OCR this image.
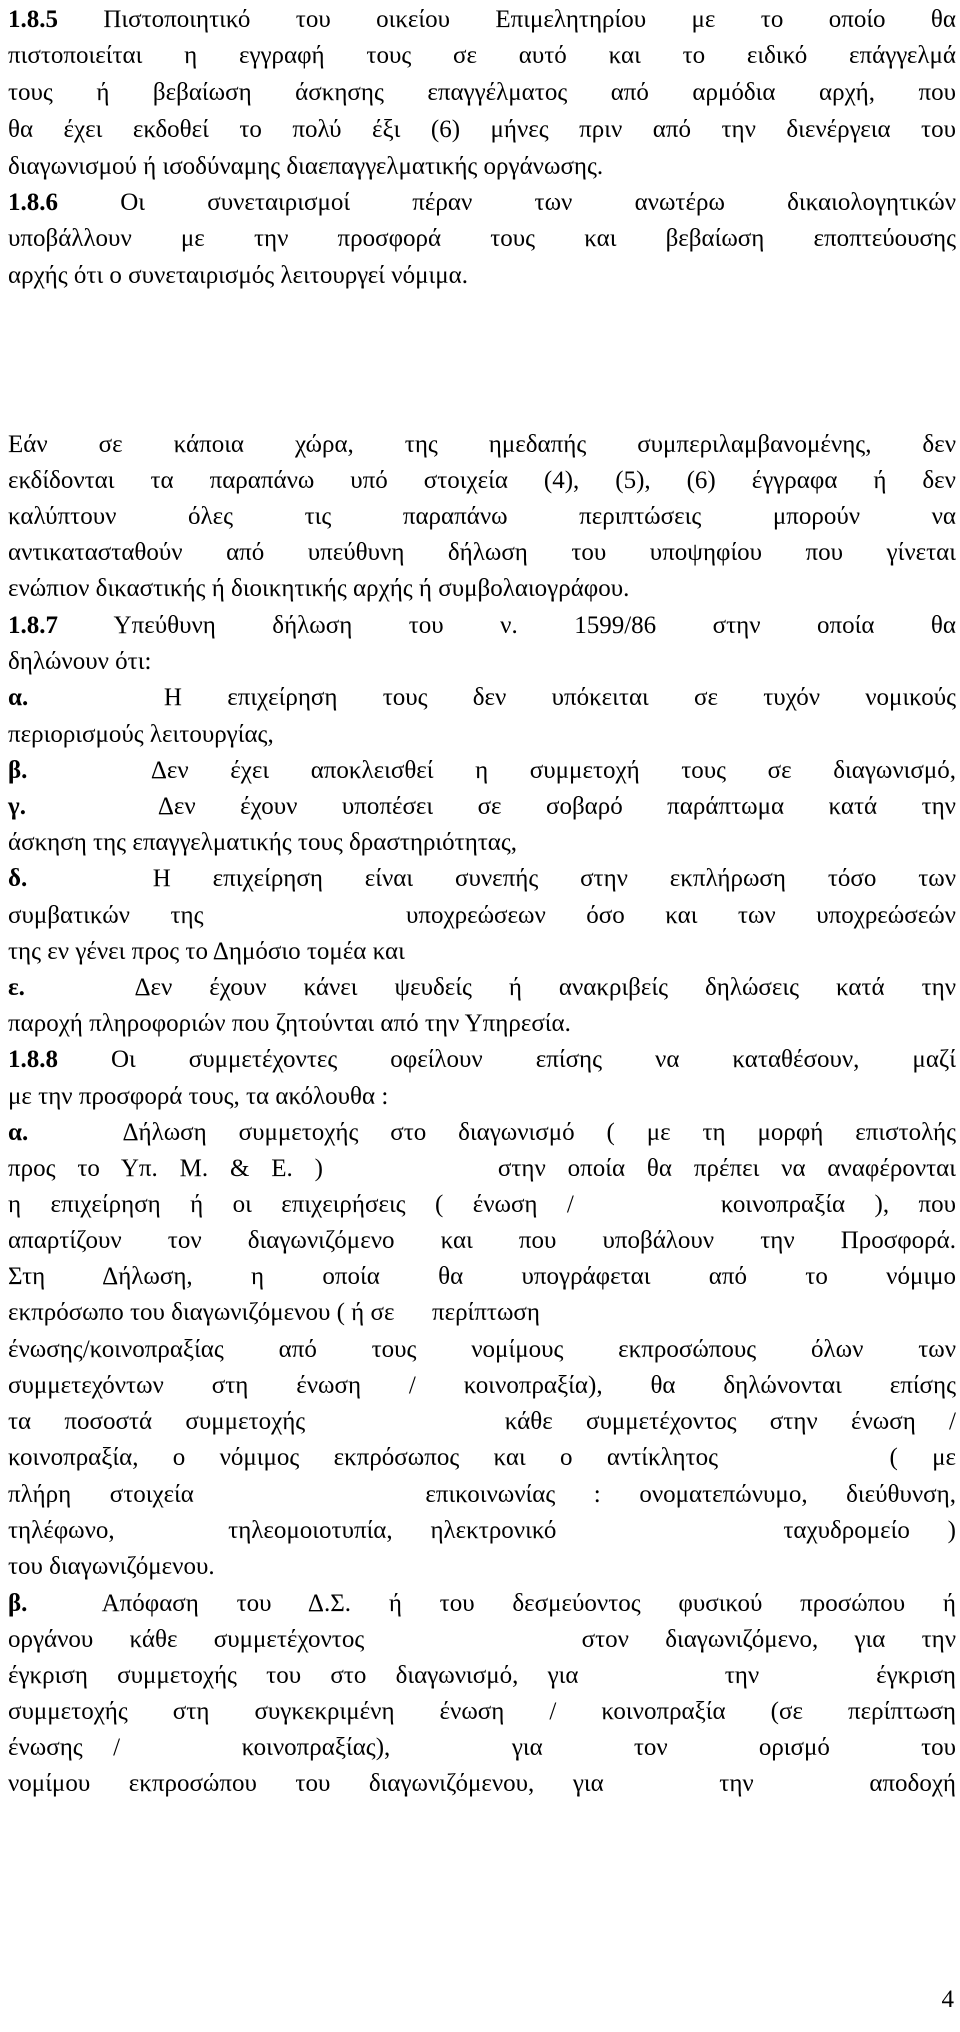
1.8.5 Πιστοποιητικό του οικείου Επιμελητηρίου με το οποίο θα
πιστοποιείται η εγγραφή τους σε αυτό και το ειδικό επάγγελμά
τους ή βεβαίωση άσκησης επαγγέλματος από αρμόδια αρχή, που
θα έχει εκδοθεί το πολύ έξι (6) μήνες πριν από την διενέργεια του
διαγωνισμού ή ισοδύναμης διαεπαγγελματικής οργάνωσης.
1.8.6 Οι συνεταιρισμοί πέραν των ανωτέρω δικαιολογητικών
υποβάλλουν με την προσφορά τους και βεβαίωση εποπτεύουσης
αρχής ότι ο συνεταιρισμός λειτουργεί νόμιμα.
Εάν σε κάποια χώρα, της ημεδαπής συμπεριλαμβανομένης, δεν
εκδίδονται τα παραπάνω υπό στοιχεία (4), (5), (6) έγγραφα ή δεν
καλύπτουν όλες τις παραπάνω περιπτώσεις μπορούν να
αντικατασταθούν από υπεύθυνη δήλωση του υποψηφίου που γίνεται
ενώπιον δικαστικής ή διοικητικής αρχής ή συμβολαιογράφου.
1.8.7 Υπεύθυνη δήλωση του ν. 1599/86 στην οποία θα
δηλώνουν ότι:
α.   Η επιχείρηση τους δεν υπόκειται σε τυχόν νομικούς
περιορισμούς λειτουργίας,
β.   Δεν έχει αποκλεισθεί η συμμετοχή τους σε διαγωνισμό,
γ.   Δεν έχουν υποπέσει σε σοβαρό παράπτωμα κατά την
άσκηση της επαγγελματικής τους δραστηριότητας,
δ.   Η επιχείρηση είναι συνεπής στην εκπλήρωση τόσο των
συμβατικών της     υποχρεώσεων όσο και των υποχρεώσεών
της εν γένει προς το Δημόσιο τομέα και
ε.   Δεν έχουν κάνει ψευδείς ή ανακριβείς δηλώσεις κατά την
παροχή πληροφοριών που ζητούνται από την Υπηρεσία.
1.8.8 Οι συμμετέχοντες οφείλουν επίσης να καταθέσουν, μαζί
με την προσφορά τους, τα ακόλουθα :
α.   Δήλωση συμμετοχής στο διαγωνισμό ( με τη μορφή επιστολής
προς το Υπ. Μ. & Ε. )        στην οποία θα πρέπει να αναφέρονται
η επιχείρηση ή οι επιχειρήσεις ( ένωση /     κοινοπραξία ), που
απαρτίζουν τον διαγωνιζόμενο και που υποβάλουν την Προσφορά.
Στη Δήλωση, η οποία θα υπογράφεται από το νόμιμο
εκπρόσωπο του διαγωνιζόμενου ( ή σε      περίπτωση
ένωσης/κοινοπραξίας από τους νομίμους εκπροσώπους όλων των
συμμετεχόντων στη ένωση / κοινοπραξία), θα δηλώνονται επίσης
τα ποσοστά συμμετοχής      κάθε συμμετέχοντος στην ένωση /
κοινοπραξία, ο νόμιμος εκπρόσωπος και ο αντίκλητος     ( με
πλήρη στοιχεία      επικοινωνίας : ονοματεπώνυμο, διεύθυνση,
τηλέφωνο,   τηλεομοιοτυπία, ηλεκτρονικό      ταχυδρομείο )
του διαγωνιζόμενου.
β.  Απόφαση του Δ.Σ. ή του δεσμεύοντος φυσικού προσώπου ή
οργάνου κάθε συμμετέχοντος      στον διαγωνιζόμενο, για την
έγκριση συμμετοχής του στο διαγωνισμό, για     την    έγκριση
συμμετοχής στη συγκεκριμένη ένωση / κοινοπραξία (σε περίπτωση
ένωσης /    κοινοπραξίας),    για   τον   ορισμό   του
νομίμου εκπροσώπου του διαγωνιζόμενου, για   την   αποδοχή
4
